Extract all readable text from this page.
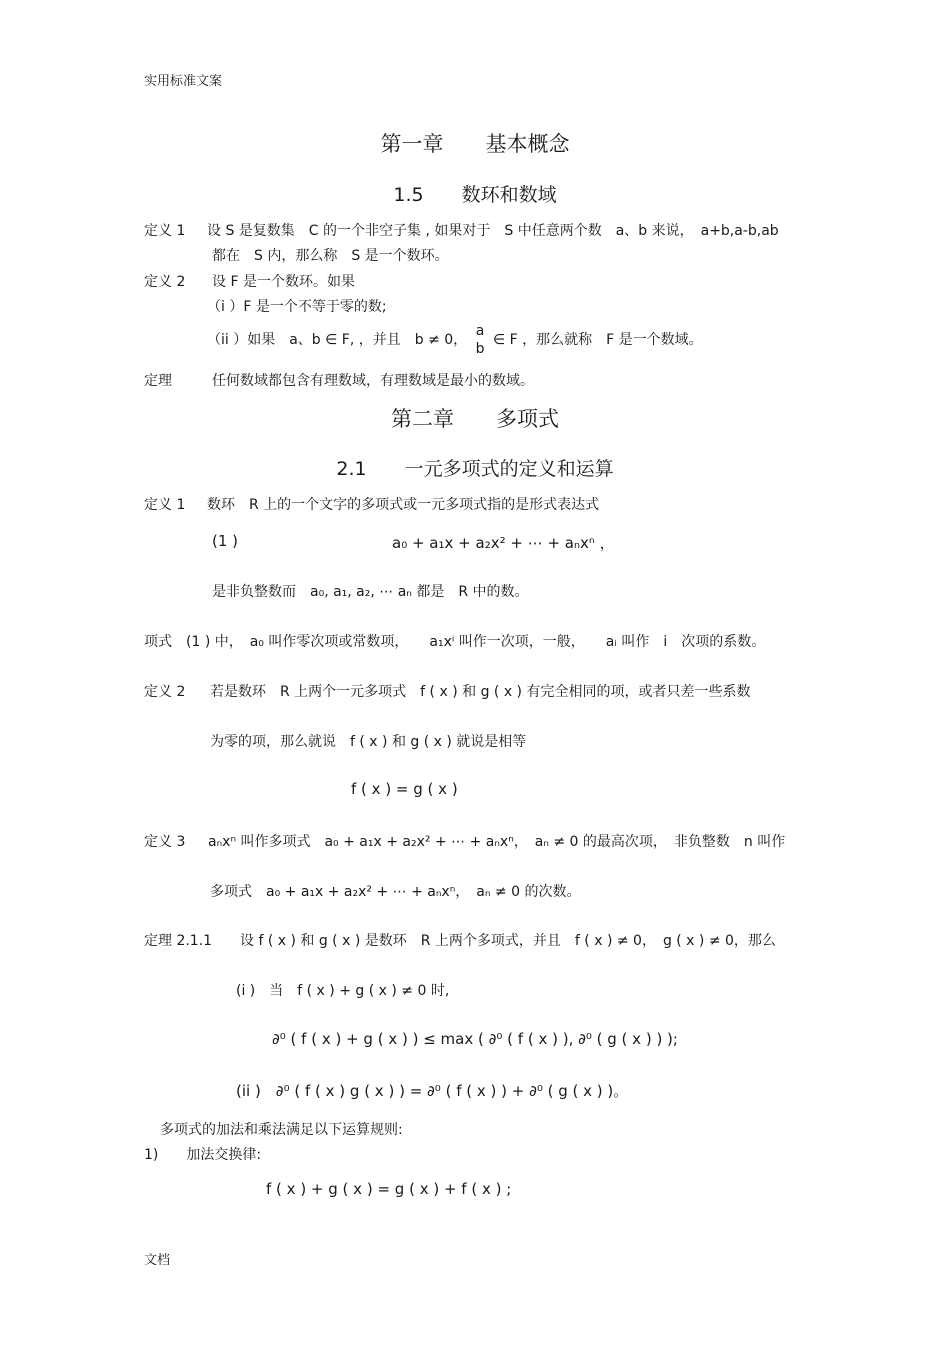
实用标准文案
第一章　　基本概念
1.5　　数环和数域
定义 1 设 S 是复数集　C 的一个非空子集 , 如果对于　S 中任意两个数　a、b 来说，　a+b,a-b,ab
都在　S 内，那么称　S 是一个数环。
定义 2 设 F 是一个数环。如果
（i ）F 是一个不等于零的数;
（ii ）如果　a、b ∈ F, ，并且　b ≠ 0，
a
b
∈ F ，那么就称　F 是一个数域。
定理	任何数域都包含有理数域，有理数域是最小的数域。
第二章　　多项式
2.1　　一元多项式的定义和运算
定义 1 数环　R 上的一个文字的多项式或一元多项式指的是形式表达式
(1 )	a₀ + a₁x + a₂x² + ⋯ + aₙxⁿ ，
是非负整数而　a₀, a₁, a₂, ⋯ aₙ 都是　R 中的数。
项式　(1 ) 中，　a₀ 叫作零次项或常数项，　　a₁xⁱ 叫作一次项，一般，　　aᵢ 叫作　i　次项的系数。
定义 2 若是数环　R 上两个一元多项式　f ( x ) 和 g ( x ) 有完全相同的项，或者只差一些系数
为零的项，那么就说　f ( x ) 和 g ( x ) 就说是相等
f ( x ) = g ( x )
定义 3 aₙxⁿ 叫作多项式　a₀ + a₁x + a₂x² + ⋯ + aₙxⁿ，　aₙ ≠ 0 的最高次项，　非负整数　n 叫作
多项式　a₀ + a₁x + a₂x² + ⋯ + aₙxⁿ，　aₙ ≠ 0 的次数。
定理 2.1.1 设 f ( x ) 和 g ( x ) 是数环　R 上两个多项式，并且　f ( x ) ≠ 0，　g ( x ) ≠ 0，那么
(i )　当　f ( x ) + g ( x ) ≠ 0 时,
∂⁰ ( f ( x ) + g ( x ) ) ≤ max ( ∂⁰ ( f ( x ) ), ∂⁰ ( g ( x ) ) );
(ii )　∂⁰ ( f ( x ) g ( x ) ) = ∂⁰ ( f ( x ) ) + ∂⁰ ( g ( x ) )。
多项式的加法和乘法满足以下运算规则:
1)　　加法交换律:
f ( x ) + g ( x ) = g ( x ) + f ( x ) ;
文档
